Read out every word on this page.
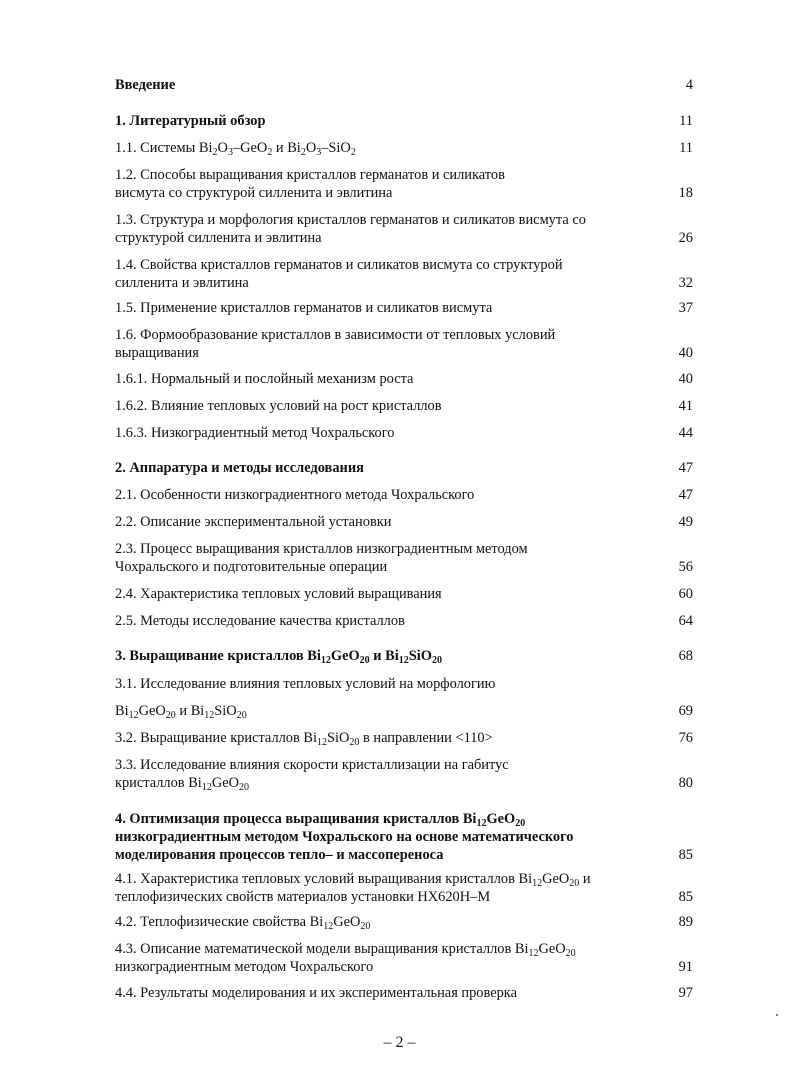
Введение	4
1. Литературный обзор	11
1.1. Системы $Bi_2O_3-GeO_2$ и $Bi_2O_3-SiO_2$	11
1.2. Способы выращивания кристаллов германатов и силикатов
висмута со структурой силленита и эвлитина	18
1.3. Структура и морфология кристаллов германатов и силикатов висмута со
структурой силленита и эвлитина	26
1.4. Свойства кристаллов германатов и силикатов висмута со структурой
силленита и эвлитина	32
1.5. Применение кристаллов германатов и силикатов висмута	37
1.6. Формообразование кристаллов в зависимости от тепловых условий
выращивания	40
1.6.1. Нормальный и послойный механизм роста	40
1.6.2. Влияние тепловых условий на рост кристаллов	41
1.6.3. Низкоградиентный метод Чохральского	44
2. Аппаратура и методы исследования	47
2.1. Особенности низкоградиентного метода Чохральского	47
2.2. Описание экспериментальной установки	49
2.3. Процесс выращивания кристаллов низкоградиентным методом
Чохральского и подготовительные операции	56
2.4. Характеристика тепловых условий выращивания	60
2.5. Методы исследование качества кристаллов	64
3. Выращивание кристаллов $Bi_{12}GeO_{20}$ и $Bi_{12}SiO_{20}$	68
3.1. Исследование влияния тепловых условий на морфологию
$Bi_{12}GeO_{20}$ и $Bi_{12}SiO_{20}$	69
3.2. Выращивание кристаллов $Bi_{12}SiO_{20}$ в направлении <110>	76
3.3. Исследование влияния скорости кристаллизации на габитус
кристаллов $Bi_{12}GeO_{20}$	80
4. Оптимизация процесса выращивания кристаллов $Bi_{12}GeO_{20}$
низкоградиентным методом Чохральского на основе математического
моделирования процессов тепло– и массопереноса	85
4.1. Характеристика тепловых условий выращивания кристаллов $Bi_{12}GeO_{20}$ и
теплофизических свойств материалов установки НХ620Н–М	85
4.2. Теплофизические свойства $Bi_{12}GeO_{20}$	89
4.3. Описание математической модели выращивания кристаллов $Bi_{12}GeO_{20}$
низкоградиентным методом Чохральского	91
4.4. Результаты моделирования и их экспериментальная проверка	97
– 2 –
